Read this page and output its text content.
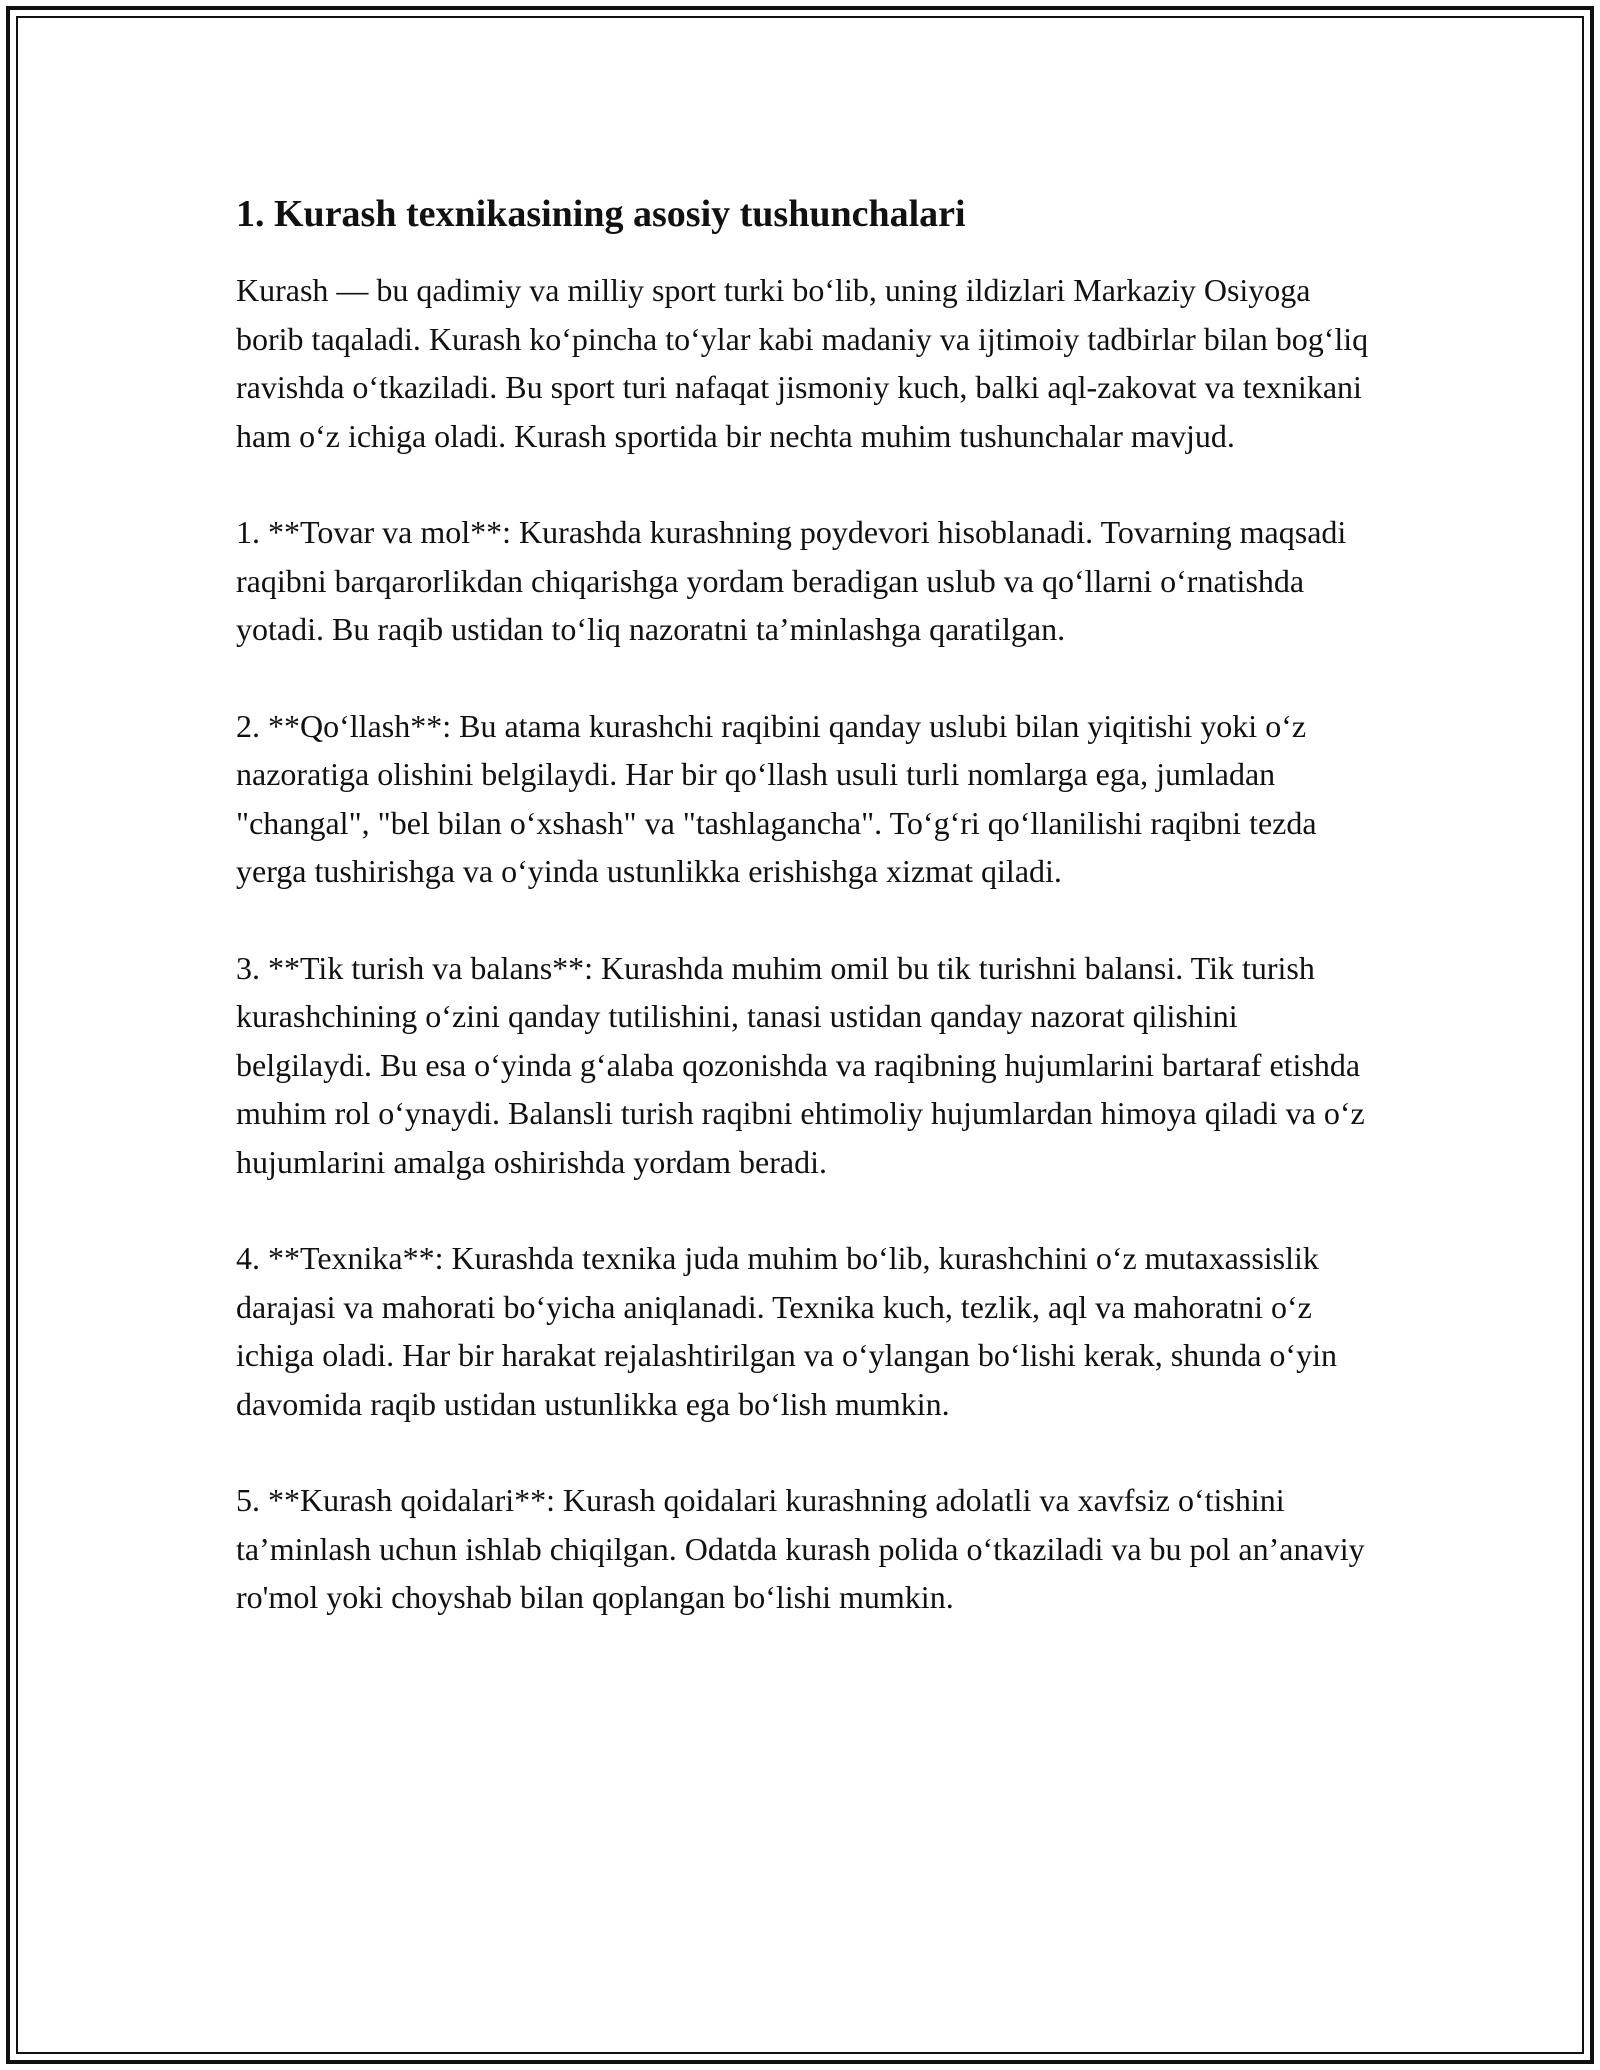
1. Kurash texnikasining asosiy tushunchalari

Kurash — bu qadimiy va milliy sport turki bo‘lib, uning ildizlari Markaziy Osiyoga borib taqaladi. Kurash ko‘pincha to‘ylar kabi madaniy va ijtimoiy tadbirlar bilan bog‘liq ravishda o‘tkaziladi. Bu sport turi nafaqat jismoniy kuch, balki aql-zakovat va texnikani ham o‘z ichiga oladi. Kurash sportida bir nechta muhim tushunchalar mavjud.

1. **Tovar va mol**: Kurashda kurashning poydevori hisoblanadi. Tovarning maqsadi raqibni barqarorlikdan chiqarishga yordam beradigan uslub va qo‘llarni o‘rnatishda yotadi. Bu raqib ustidan to‘liq nazoratni ta’minlashga qaratilgan.

2. **Qo‘llash**: Bu atama kurashchi raqibini qanday uslubi bilan yiqitishi yoki o‘z nazoratiga olishini belgilaydi. Har bir qo‘llash usuli turli nomlarga ega, jumladan "changal", "bel bilan o‘xshash" va "tashlagancha". To‘g‘ri qo‘llanilishi raqibni tezda yerga tushirishga va o‘yinda ustunlikka erishishga xizmat qiladi.

3. **Tik turish va balans**: Kurashda muhim omil bu tik turishni balansi. Tik turish kurashchining o‘zini qanday tutilishini, tanasi ustidan qanday nazorat qilishini belgilaydi. Bu esa o‘yinda g‘alaba qozonishda va raqibning hujumlarini bartaraf etishda muhim rol o‘ynaydi. Balansli turish raqibni ehtimoliy hujumlardan himoya qiladi va o‘z hujumlarini amalga oshirishda yordam beradi.

4. **Texnika**: Kurashda texnika juda muhim bo‘lib, kurashchini o‘z mutaxassislik darajasi va mahorati bo‘yicha aniqlanadi. Texnika kuch, tezlik, aql va mahoratni o‘z ichiga oladi. Har bir harakat rejalashtirilgan va o‘ylangan bo‘lishi kerak, shunda o‘yin davomida raqib ustidan ustunlikka ega bo‘lish mumkin.

5. **Kurash qoidalari**: Kurash qoidalari kurashning adolatli va xavfsiz o‘tishini ta’minlash uchun ishlab chiqilgan. Odatda kurash polida o‘tkaziladi va bu pol an’anaviy ro'mol yoki choyshab bilan qoplangan bo‘lishi mumkin.
